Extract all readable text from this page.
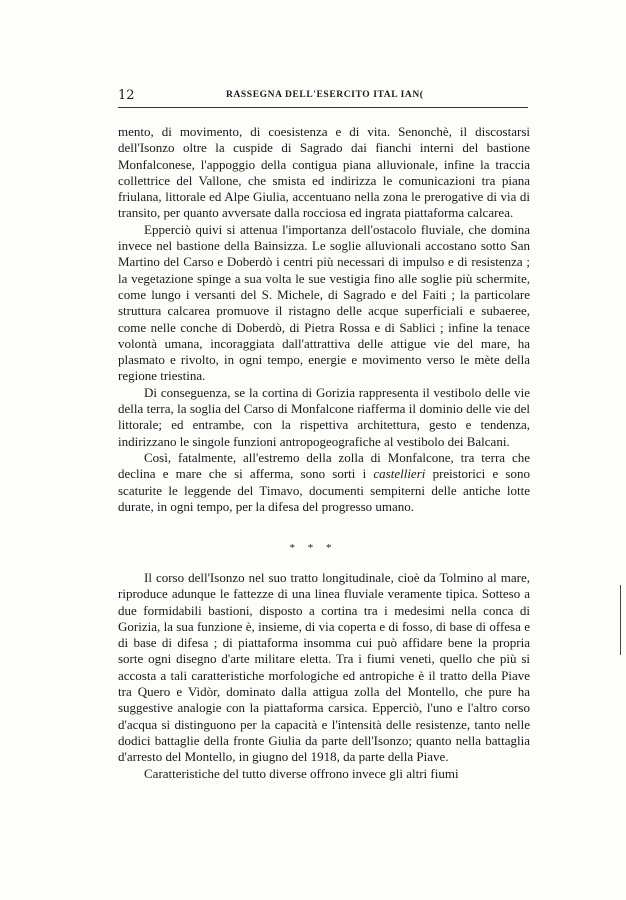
12	RASSEGNA DELL'ESERCITO ITAL IAN(

mento, di movimento, di coesistenza e di vita. Senonchè, il discostarsi dell'Isonzo oltre la cuspide di Sagrado dai fianchi interni del bastione Monfalconese, l'appoggio della contigua piana alluvionale, infine la traccia collettrice del Vallone, che smista ed indirizza le comunicazioni tra piana friulana, littorale ed Alpe Giulia, accentuano nella zona le prerogative di via di transito, per quanto avversate dalla rocciosa ed ingrata piattaforma calcarea.

Epperciò quivi si attenua l'importanza dell'ostacolo fluviale, che domina invece nel bastione della Bainsizza. Le soglie alluvionali accostano sotto San Martino del Carso e Doberdò i centri più necessari di impulso e di resistenza ; la vegetazione spinge a sua volta le sue vestigia fino alle soglie più schermite, come lungo i versanti del S. Michele, di Sagrado e del Faiti ; la particolare struttura calcarea promuove il ristagno delle acque superficiali e subaeree, come nelle conche di Doberdò, di Pietra Rossa e di Sablici ; infine la tenace volontà umana, incoraggiata dall'attrattiva delle attigue vie del mare, ha plasmato e rivolto, in ogni tempo, energie e movimento verso le mète della regione triestina.

Di conseguenza, se la cortina di Gorizia rappresenta il vestibolo delle vie della terra, la soglia del Carso di Monfalcone riafferma il dominio delle vie del littorale; ed entrambe, con la rispettiva architettura, gesto e tendenza, indirizzano le singole funzioni antropogeografiche al vestibolo dei Balcani.

Così, fatalmente, all'estremo della zolla di Monfalcone, tra terra che declina e mare che si afferma, sono sorti i castellieri preistorici e sono scaturite le leggende del Timavo, documenti sempiterni delle antiche lotte durate, in ogni tempo, per la difesa del progresso umano.

* * *

Il corso dell'Isonzo nel suo tratto longitudinale, cioè da Tolmino al mare, riproduce adunque le fattezze di una linea fluviale veramente tipica. Sotteso a due formidabili bastioni, disposto a cortina tra i medesimi nella conca di Gorizia, la sua funzione è, insieme, di via coperta e di fosso, di base di offesa e di base di difesa ; di piattaforma insomma cui può affidare bene la propria sorte ogni disegno d'arte militare eletta. Tra i fiumi veneti, quello che più si accosta a tali caratteristiche morfologiche ed antropiche è il tratto della Piave tra Quero e Vidòr, dominato dalla attigua zolla del Montello, che pure ha suggestive analogie con la piattaforma carsica. Epperciò, l'uno e l'altro corso d'acqua si distinguono per la capacità e l'intensità delle resistenze, tanto nelle dodici battaglie della fronte Giulia da parte dell'Isonzo; quanto nella battaglia d'arresto del Montello, in giugno del 1918, da parte della Piave.

Caratteristiche del tutto diverse offrono invece gli altri fiumi
